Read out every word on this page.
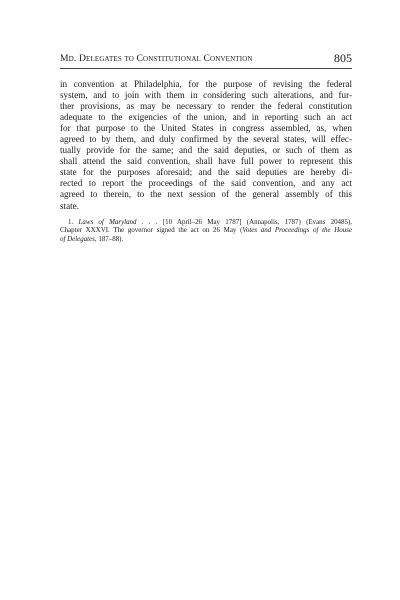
Md. Delegates to Constitutional Convention	805
in convention at Philadelphia, for the purpose of revising the federal
system, and to join with them in considering such alterations, and fur-
ther provisions, as may be necessary to render the federal constitution
adequate to the exigencies of the union, and in reporting such an act
for that purpose to the United States in congress assembled, as, when
agreed to by them, and duly confirmed by the several states, will effec-
tually provide for the same; and the said deputies, or such of them as
shall attend the said convention, shall have full power to represent this
state for the purposes aforesaid; and the said deputies are hereby di-
rected to report the proceedings of the said convention, and any act
agreed to therein, to the next session of the general assembly of this
state.
1. Laws of Maryland . . . [10 April–26 May 1787] (Annapolis, 1787) (Evans 20485),
Chapter XXXVI. The governor signed the act on 26 May (Votes and Proceedings of the House
of Delegates, 187–88).
